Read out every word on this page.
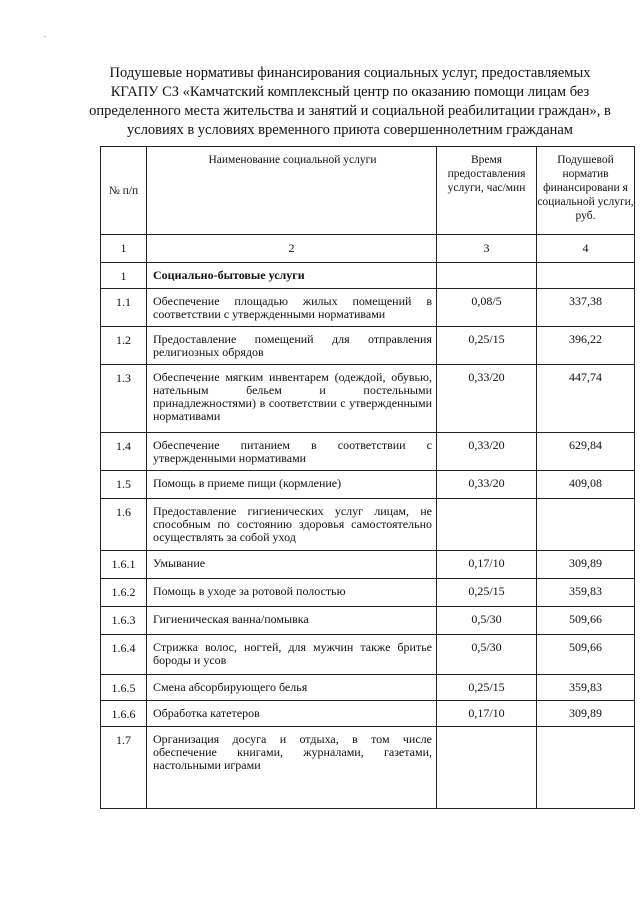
Подушевые нормативы финансирования социальных услуг, предоставляемых
КГАПУ СЗ «Камчатский комплексный центр по оказанию помощи лицам без
определенного места жительства и занятий и социальной реабилитации граждан», в
условиях в условиях временного приюта совершеннолетним гражданам
№ п/п	Наименование социальной услуги	Время предоставления услуги, час/мин	Подушевой норматив финансировани я социальной услуги, руб.
1	2	3	4
1	Социально-бытовые услуги		
1.1	Обеспечение площадью жилых помещений в соответствии с утвержденными нормативами	0,08/5	337,38
1.2	Предоставление помещений для отправления религиозных обрядов	0,25/15	396,22
1.3	Обеспечение мягким инвентарем (одеждой, обувью, нательным бельем и постельными принадлежностями) в соответствии с утвержденными нормативами	0,33/20	447,74
1.4	Обеспечение питанием в соответствии с утвержденными нормативами	0,33/20	629,84
1.5	Помощь в приеме пищи (кормление)	0,33/20	409,08
1.6	Предоставление гигиенических услуг лицам, не способным по состоянию здоровья самостоятельно осуществлять за собой уход		
1.6.1	Умывание	0,17/10	309,89
1.6.2	Помощь в уходе за ротовой полостью	0,25/15	359,83
1.6.3	Гигиеническая ванна/помывка	0,5/30	509,66
1.6.4	Стрижка волос, ногтей, для мужчин также бритье бороды и усов	0,5/30	509,66
1.6.5	Смена абсорбирующего белья	0,25/15	359,83
1.6.6	Обработка катетеров	0,17/10	309,89
1.7	Организация досуга и отдыха, в том числе обеспечение книгами, журналами, газетами, настольными играми		
